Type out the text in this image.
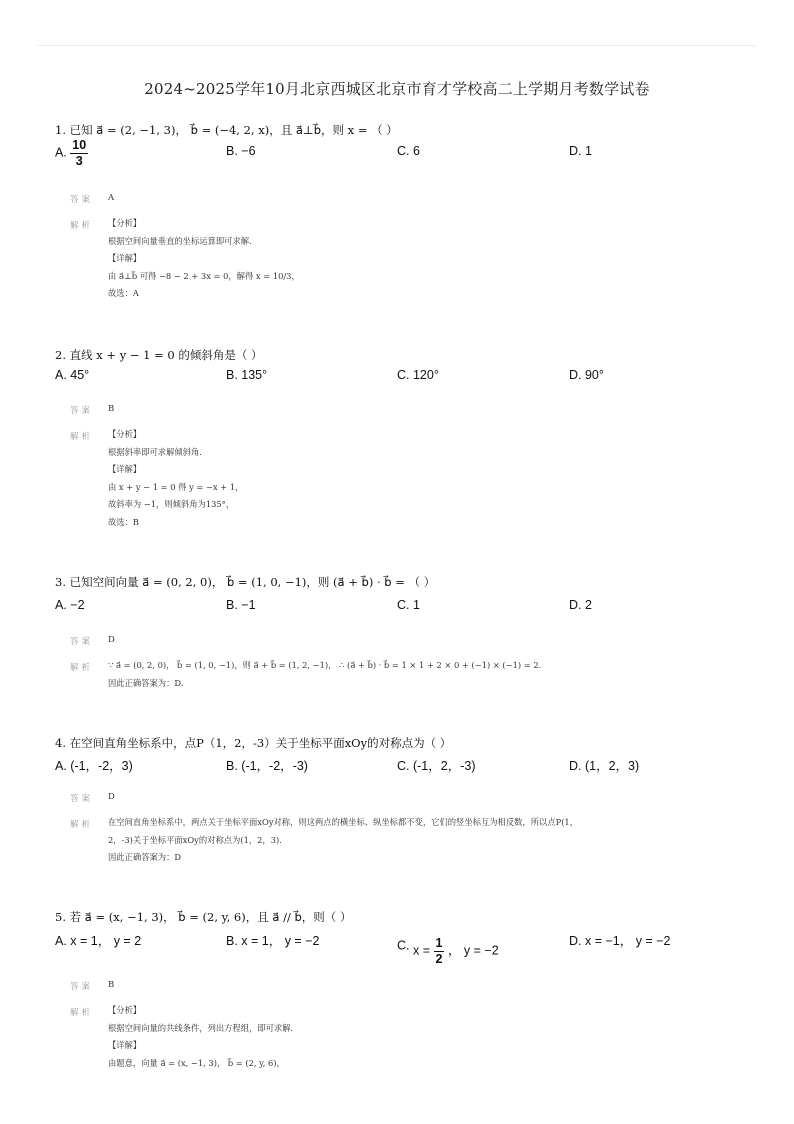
2024~2025学年10月北京西城区北京市育才学校高二上学期月考数学试卷
1. 已知 a⃗ = (2, −1, 3)， b⃗ = (−4, 2, x)，且 a⃗⊥b⃗，则 x = （ ）
A. $\frac{10}{3}$	B. −6	C. 6	D. 1
答案 A
解析 【分析】
根据空间向量垂直的坐标运算即可求解.
【详解】
由 a⃗⊥b⃗ 可得 −8 − 2 + 3x = 0，解得 x = 10/3，
故选：A
2. 直线 x + y − 1 = 0 的倾斜角是（ ）
A. 45°	B. 135°	C. 120°	D. 90°
答案 B
解析 【分析】
根据斜率即可求解倾斜角.
【详解】
由 x + y − 1 = 0 得 y = −x + 1，
故斜率为 −1，则倾斜角为135°，
故选：B
3. 已知空间向量 a⃗ = (0, 2, 0)， b⃗ = (1, 0, −1)，则 (a⃗ + b⃗) · b⃗ = （ ）
A. −2	B. −1	C. 1	D. 2
答案 D
解析 ∵ a⃗ = (0, 2, 0)， b⃗ = (1, 0, −1)，则 a⃗ + b⃗ = (1, 2, −1)， ∴ (a⃗ + b⃗) · b⃗ = 1 × 1 + 2 × 0 + (−1) × (−1) = 2.
因此正确答案为：D.
4. 在空间直角坐标系中，点P（1，2，-3）关于坐标平面xOy的对称点为（ ）
A. (-1，-2，3)	B. (-1，-2，-3)	C. (-1，2，-3)	D. (1，2，3)
答案 D
解析 在空间直角坐标系中，两点关于坐标平面xOy对称，则这两点的横坐标、纵坐标都不变，它们的竖坐标互为相反数，所以点P(1，
2，-3)关于坐标平面xOy的对称点为(1，2，3).
因此正确答案为：D
5. 若 a⃗ = (x, −1, 3)， b⃗ = (2, y, 6)，且 a⃗ // b⃗，则（ ）
A. x = 1， y = 2	B. x = 1， y = −2	C. $x = \frac{1}{2}$ ， y = −2
D. x = −1， y = −2
答案 B
解析 【分析】
根据空间向量的共线条件，列出方程组，即可求解.
【详解】
由题意，向量 a⃗ = (x, −1, 3)， b⃗ = (2, y, 6)，
